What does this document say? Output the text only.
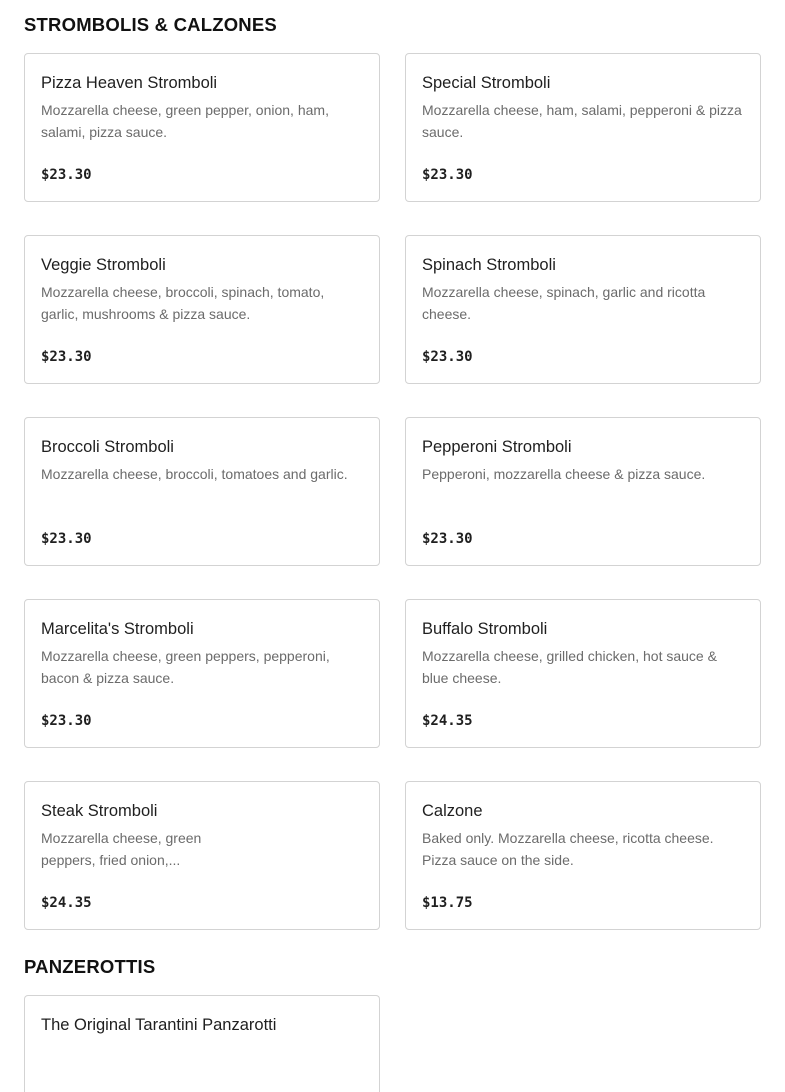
STROMBOLIS & CALZONES
Pizza Heaven Stromboli

Mozzarella cheese, green pepper, onion, ham, salami, pizza sauce.

$23.30

Special Stromboli

Mozzarella cheese, ham, salami, pepperoni & pizza sauce.

$23.30

Veggie Stromboli

Mozzarella cheese, broccoli, spinach, tomato, garlic, mushrooms & pizza sauce.

$23.30

Spinach Stromboli

Mozzarella cheese, spinach, garlic and ricotta cheese.

$23.30

Broccoli Stromboli

Mozzarella cheese, broccoli, tomatoes and garlic.

$23.30

Pepperoni Stromboli

Pepperoni, mozzarella cheese & pizza sauce.

$23.30

Marcelita's Stromboli

Mozzarella cheese, green peppers, pepperoni, bacon & pizza sauce.

$23.30

Buffalo Stromboli

Mozzarella cheese, grilled chicken, hot sauce & blue cheese.

$24.35

Steak Stromboli

Mozzarella cheese, green peppers, fried onion,...

$24.35

Calzone

Baked only. Mozzarella cheese, ricotta cheese. Pizza sauce on the side.

$13.75

PANZEROTTIS
The Original Tarantini Panzarotti
